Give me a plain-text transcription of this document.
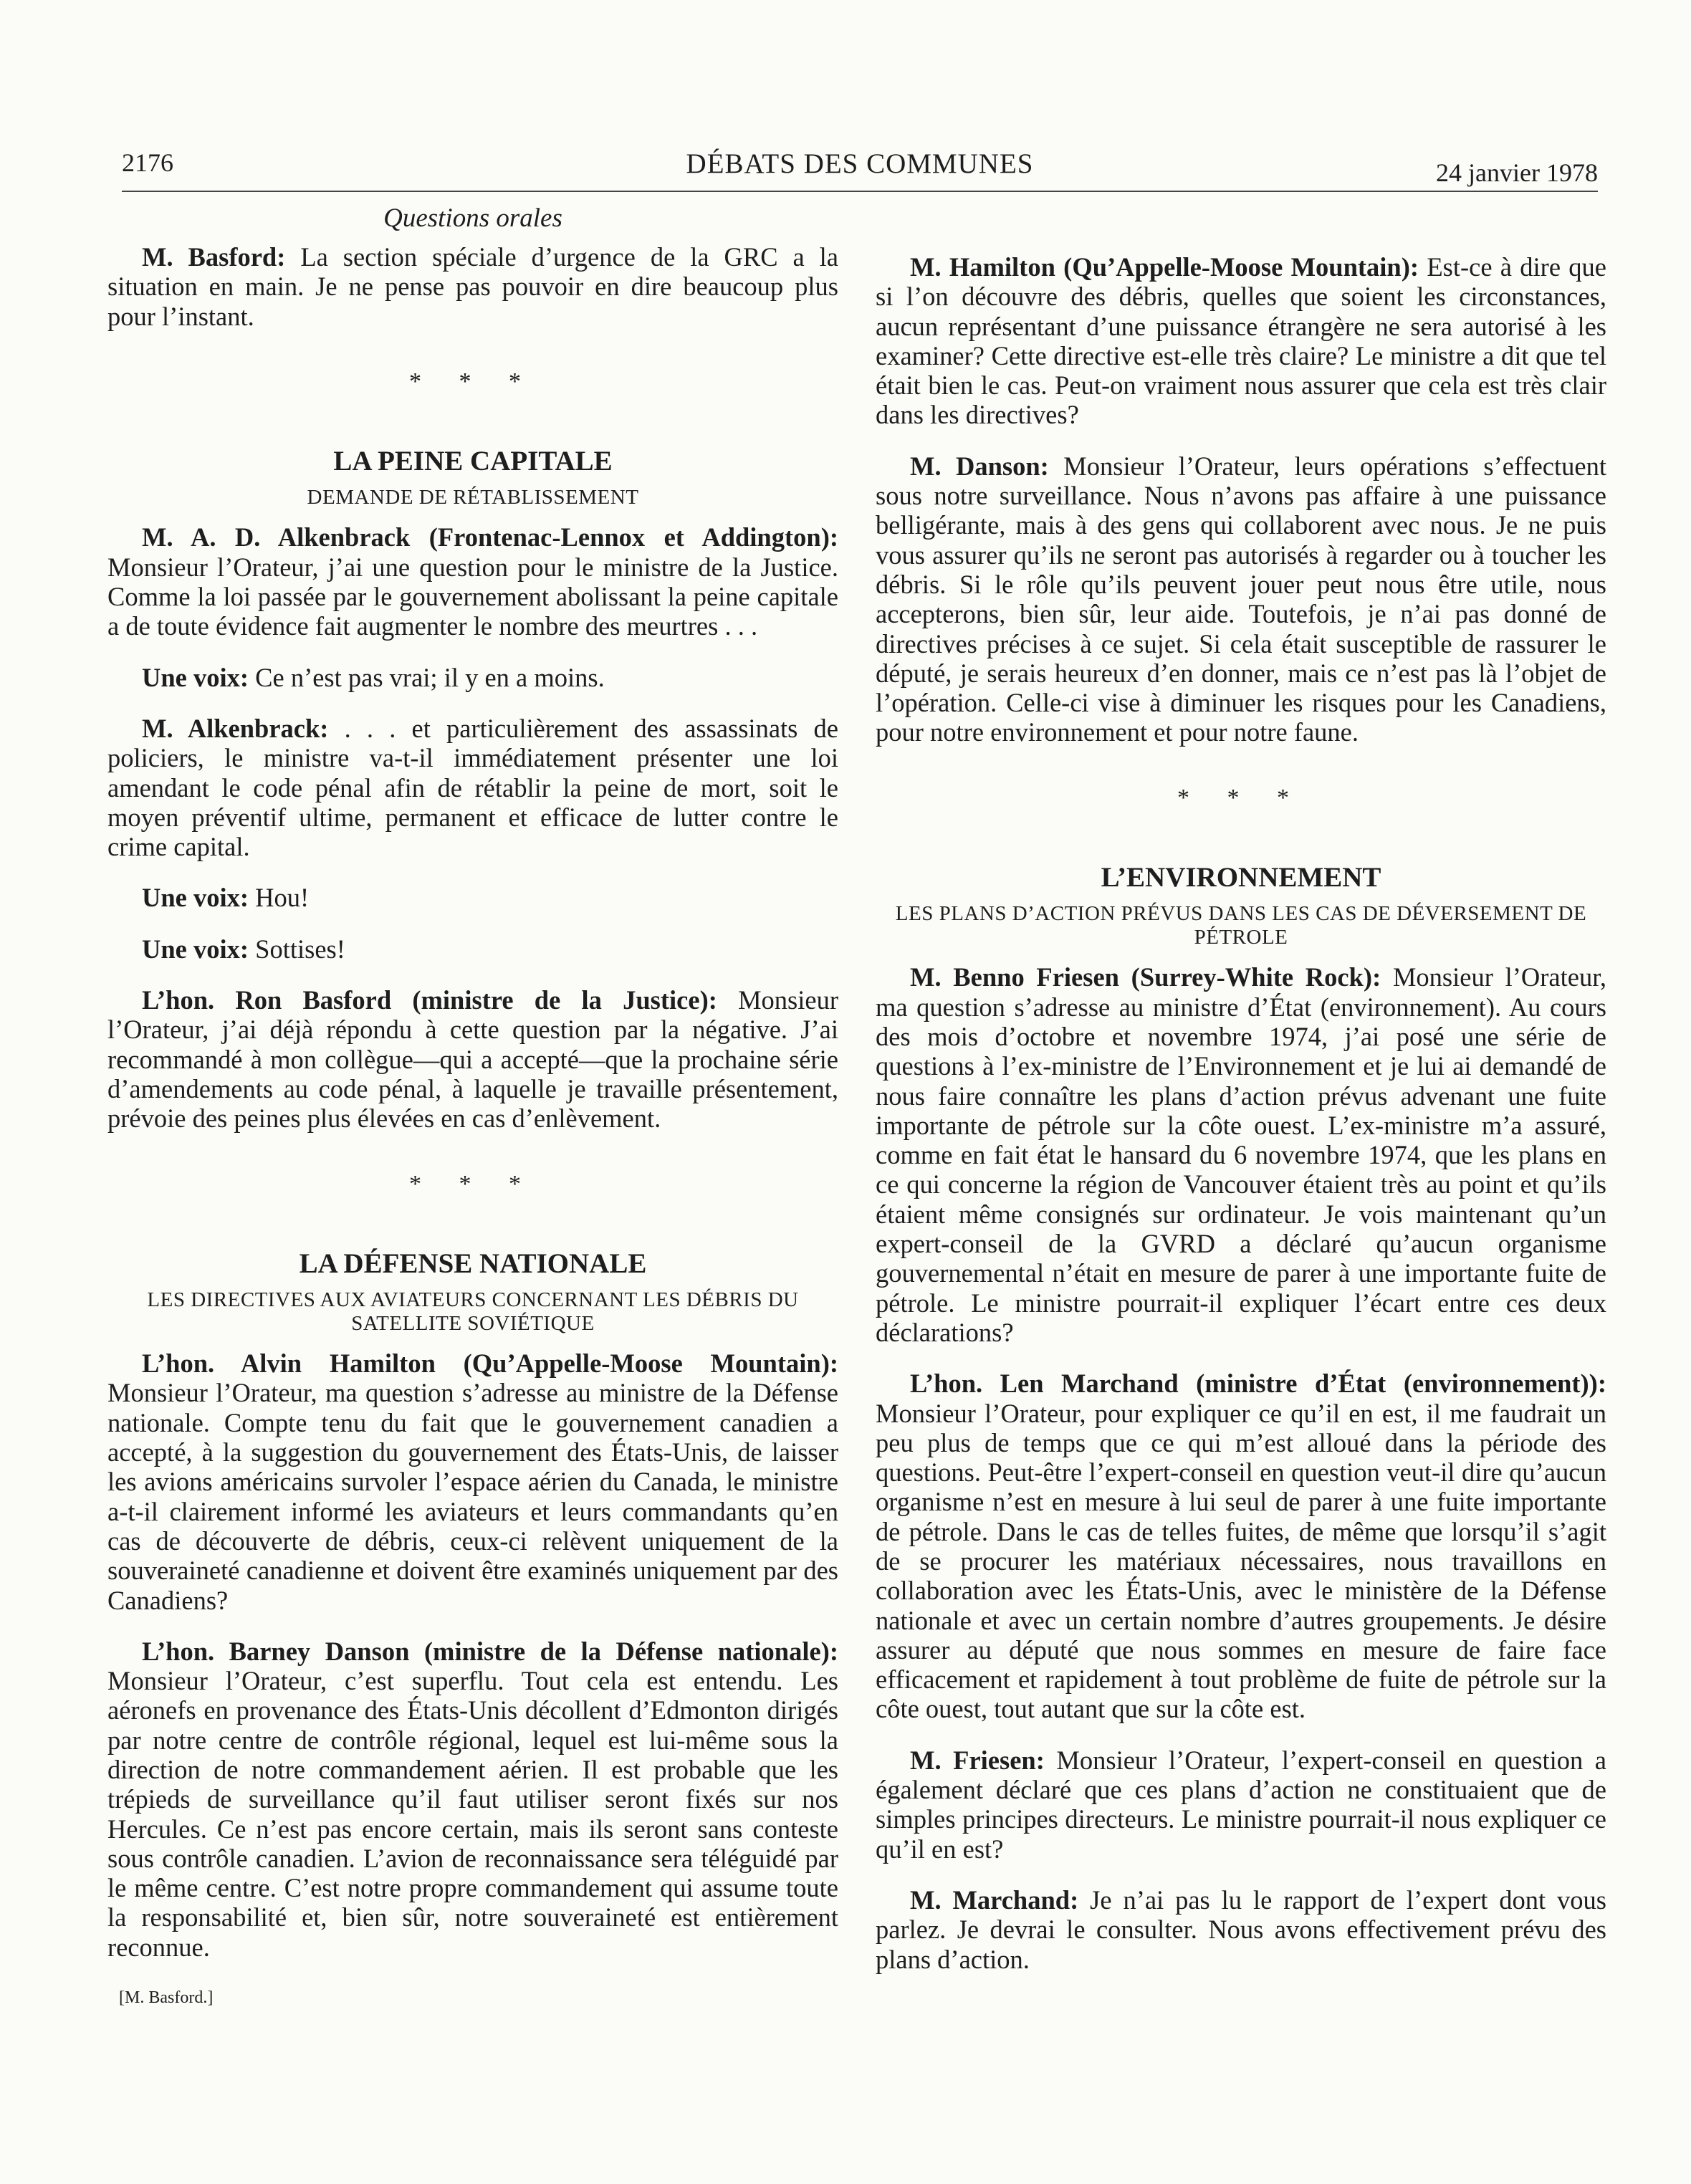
2176	DÉBATS DES COMMUNES	24 janvier 1978
Questions orales

M. Basford: La section spéciale d’urgence de la GRC a la situation en main. Je ne pense pas pouvoir en dire beaucoup plus pour l’instant.

* * *
LA PEINE CAPITALE
DEMANDE DE RÉTABLISSEMENT

M. A. D. Alkenbrack (Frontenac-Lennox et Addington): Monsieur l’Orateur, j’ai une question pour le ministre de la Justice. Comme la loi passée par le gouvernement abolissant la peine capitale a de toute évidence fait augmenter le nombre des meurtres . . .

Une voix: Ce n’est pas vrai; il y en a moins.

M. Alkenbrack: . . . et particulièrement des assassinats de policiers, le ministre va-t-il immédiatement présenter une loi amendant le code pénal afin de rétablir la peine de mort, soit le moyen préventif ultime, permanent et efficace de lutter contre le crime capital.

Une voix: Hou!

Une voix: Sottises!

L’hon. Ron Basford (ministre de la Justice): Monsieur l’Orateur, j’ai déjà répondu à cette question par la négative. J’ai recommandé à mon collègue—qui a accepté—que la prochaine série d’amendements au code pénal, à laquelle je travaille présentement, prévoie des peines plus élevées en cas d’enlèvement.

* * *
LA DÉFENSE NATIONALE
LES DIRECTIVES AUX AVIATEURS CONCERNANT LES DÉBRIS DU SATELLITE SOVIÉTIQUE

L’hon. Alvin Hamilton (Qu’Appelle-Moose Mountain): Monsieur l’Orateur, ma question s’adresse au ministre de la Défense nationale. Compte tenu du fait que le gouvernement canadien a accepté, à la suggestion du gouvernement des États-Unis, de laisser les avions américains survoler l’espace aérien du Canada, le ministre a-t-il clairement informé les aviateurs et leurs commandants qu’en cas de découverte de débris, ceux-ci relèvent uniquement de la souveraineté canadienne et doivent être examinés uniquement par des Canadiens?

L’hon. Barney Danson (ministre de la Défense nationale): Monsieur l’Orateur, c’est superflu. Tout cela est entendu. Les aéronefs en provenance des États-Unis décollent d’Edmonton dirigés par notre centre de contrôle régional, lequel est lui-même sous la direction de notre commandement aérien. Il est probable que les trépieds de surveillance qu’il faut utiliser seront fixés sur nos Hercules. Ce n’est pas encore certain, mais ils seront sans conteste sous contrôle canadien. L’avion de reconnaissance sera téléguidé par le même centre. C’est notre propre commandement qui assume toute la responsabilité et, bien sûr, notre souveraineté est entièrement reconnue.

[M. Basford.]

M. Hamilton (Qu’Appelle-Moose Mountain): Est-ce à dire que si l’on découvre des débris, quelles que soient les circonstances, aucun représentant d’une puissance étrangère ne sera autorisé à les examiner? Cette directive est-elle très claire? Le ministre a dit que tel était bien le cas. Peut-on vraiment nous assurer que cela est très clair dans les directives?

M. Danson: Monsieur l’Orateur, leurs opérations s’effectuent sous notre surveillance. Nous n’avons pas affaire à une puissance belligérante, mais à des gens qui collaborent avec nous. Je ne puis vous assurer qu’ils ne seront pas autorisés à regarder ou à toucher les débris. Si le rôle qu’ils peuvent jouer peut nous être utile, nous accepterons, bien sûr, leur aide. Toutefois, je n’ai pas donné de directives précises à ce sujet. Si cela était susceptible de rassurer le député, je serais heureux d’en donner, mais ce n’est pas là l’objet de l’opération. Celle-ci vise à diminuer les risques pour les Canadiens, pour notre environnement et pour notre faune.

* * *
L’ENVIRONNEMENT
LES PLANS D’ACTION PRÉVUS DANS LES CAS DE DÉVERSEMENT DE PÉTROLE

M. Benno Friesen (Surrey-White Rock): Monsieur l’Orateur, ma question s’adresse au ministre d’État (environnement). Au cours des mois d’octobre et novembre 1974, j’ai posé une série de questions à l’ex-ministre de l’Environnement et je lui ai demandé de nous faire connaître les plans d’action prévus advenant une fuite importante de pétrole sur la côte ouest. L’ex-ministre m’a assuré, comme en fait état le hansard du 6 novembre 1974, que les plans en ce qui concerne la région de Vancouver étaient très au point et qu’ils étaient même consignés sur ordinateur. Je vois maintenant qu’un expert-conseil de la GVRD a déclaré qu’aucun organisme gouvernemental n’était en mesure de parer à une importante fuite de pétrole. Le ministre pourrait-il expliquer l’écart entre ces deux déclarations?

L’hon. Len Marchand (ministre d’État (environnement)): Monsieur l’Orateur, pour expliquer ce qu’il en est, il me faudrait un peu plus de temps que ce qui m’est alloué dans la période des questions. Peut-être l’expert-conseil en question veut-il dire qu’aucun organisme n’est en mesure à lui seul de parer à une fuite importante de pétrole. Dans le cas de telles fuites, de même que lorsqu’il s’agit de se procurer les matériaux nécessaires, nous travaillons en collaboration avec les États-Unis, avec le ministère de la Défense nationale et avec un certain nombre d’autres groupements. Je désire assurer au député que nous sommes en mesure de faire face efficacement et rapidement à tout problème de fuite de pétrole sur la côte ouest, tout autant que sur la côte est.

M. Friesen: Monsieur l’Orateur, l’expert-conseil en question a également déclaré que ces plans d’action ne constituaient que de simples principes directeurs. Le ministre pourrait-il nous expliquer ce qu’il en est?

M. Marchand: Je n’ai pas lu le rapport de l’expert dont vous parlez. Je devrai le consulter. Nous avons effectivement prévu des plans d’action.
